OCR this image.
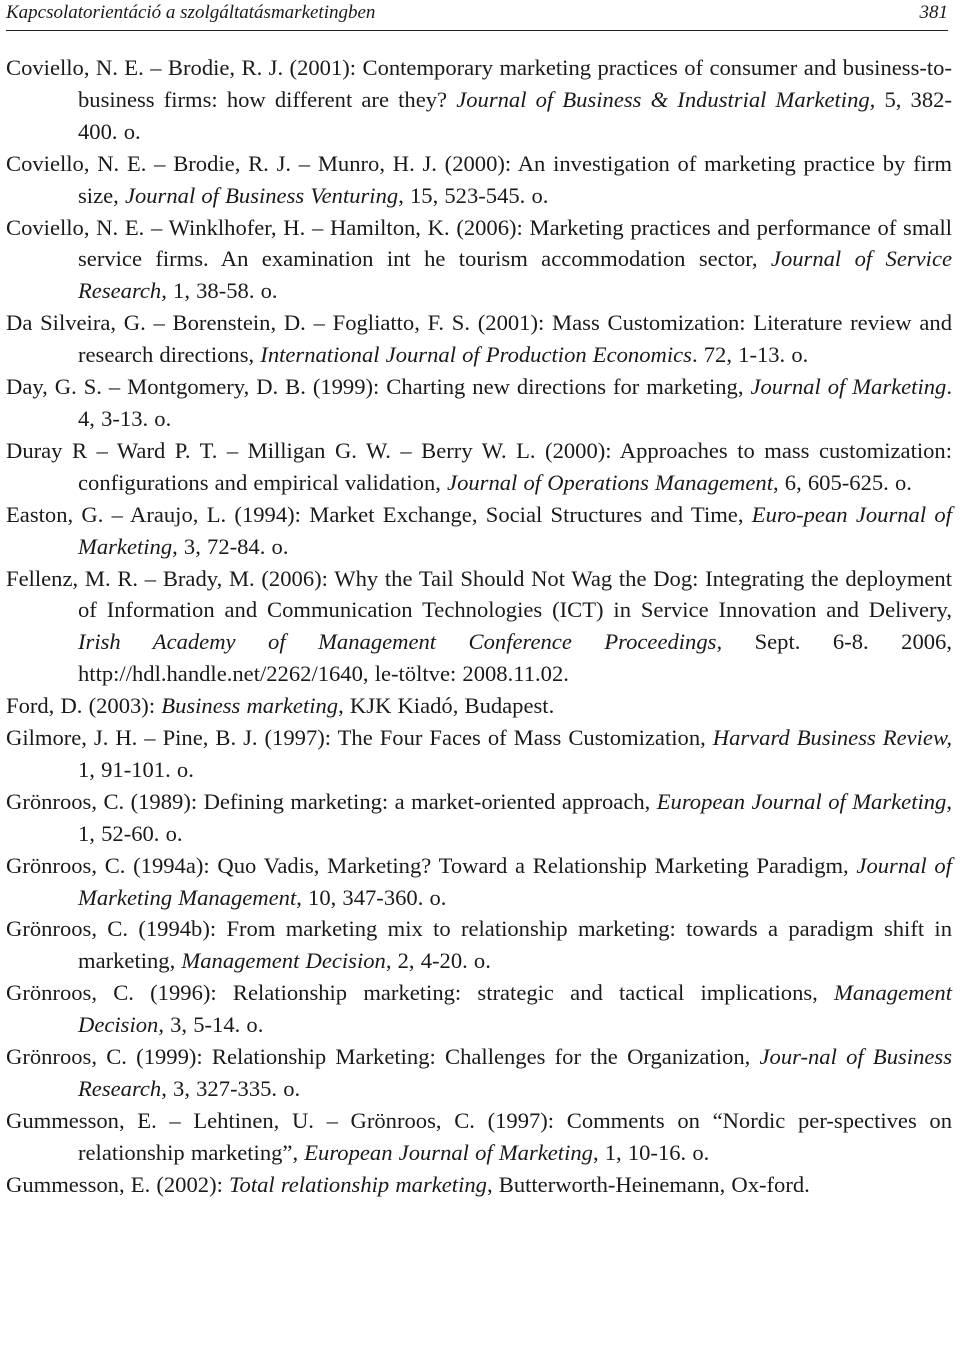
Kapcsolatorientáció a szolgáltatásmarketingben	381

Coviello, N. E. – Brodie, R. J. (2001): Contemporary marketing practices of consumer and business-to-business firms: how different are they? Journal of Business & Industrial Marketing, 5, 382-400. o.

Coviello, N. E. – Brodie, R. J. – Munro, H. J. (2000): An investigation of marketing practice by firm size, Journal of Business Venturing, 15, 523-545. o.

Coviello, N. E. – Winklhofer, H. – Hamilton, K. (2006): Marketing practices and performance of small service firms. An examination int he tourism accommodation sector, Journal of Service Research, 1, 38-58. o.

Da Silveira, G. – Borenstein, D. – Fogliatto, F. S. (2001): Mass Customization: Literature review and research directions, International Journal of Production Economics. 72, 1-13. o.

Day, G. S. – Montgomery, D. B. (1999): Charting new directions for marketing, Journal of Marketing. 4, 3-13. o.

Duray R – Ward P. T. – Milligan G. W. – Berry W. L. (2000): Approaches to mass customization: configurations and empirical validation, Journal of Operations Management, 6, 605-625. o.

Easton, G. – Araujo, L. (1994): Market Exchange, Social Structures and Time, Euro-pean Journal of Marketing, 3, 72-84. o.

Fellenz, M. R. – Brady, M. (2006): Why the Tail Should Not Wag the Dog: Integrating the deployment of Information and Communication Technologies (ICT) in Service Innovation and Delivery, Irish Academy of Management Conference Proceedings, Sept. 6-8. 2006, http://hdl.handle.net/2262/1640, le-töltve: 2008.11.02.

Ford, D. (2003): Business marketing, KJK Kiadó, Budapest.

Gilmore, J. H. – Pine, B. J. (1997): The Four Faces of Mass Customization, Harvard Business Review, 1, 91-101. o.

Grönroos, C. (1989): Defining marketing: a market-oriented approach, European Journal of Marketing, 1, 52-60. o.

Grönroos, C. (1994a): Quo Vadis, Marketing? Toward a Relationship Marketing Paradigm, Journal of Marketing Management, 10, 347-360. o.

Grönroos, C. (1994b): From marketing mix to relationship marketing: towards a paradigm shift in marketing, Management Decision, 2, 4-20. o.

Grönroos, C. (1996): Relationship marketing: strategic and tactical implications, Management Decision, 3, 5-14. o.

Grönroos, C. (1999): Relationship Marketing: Challenges for the Organization, Jour-nal of Business Research, 3, 327-335. o.

Gummesson, E. – Lehtinen, U. – Grönroos, C. (1997): Comments on “Nordic per-spectives on relationship marketing”, European Journal of Marketing, 1, 10-16. o.

Gummesson, E. (2002): Total relationship marketing, Butterworth-Heinemann, Ox-ford.
